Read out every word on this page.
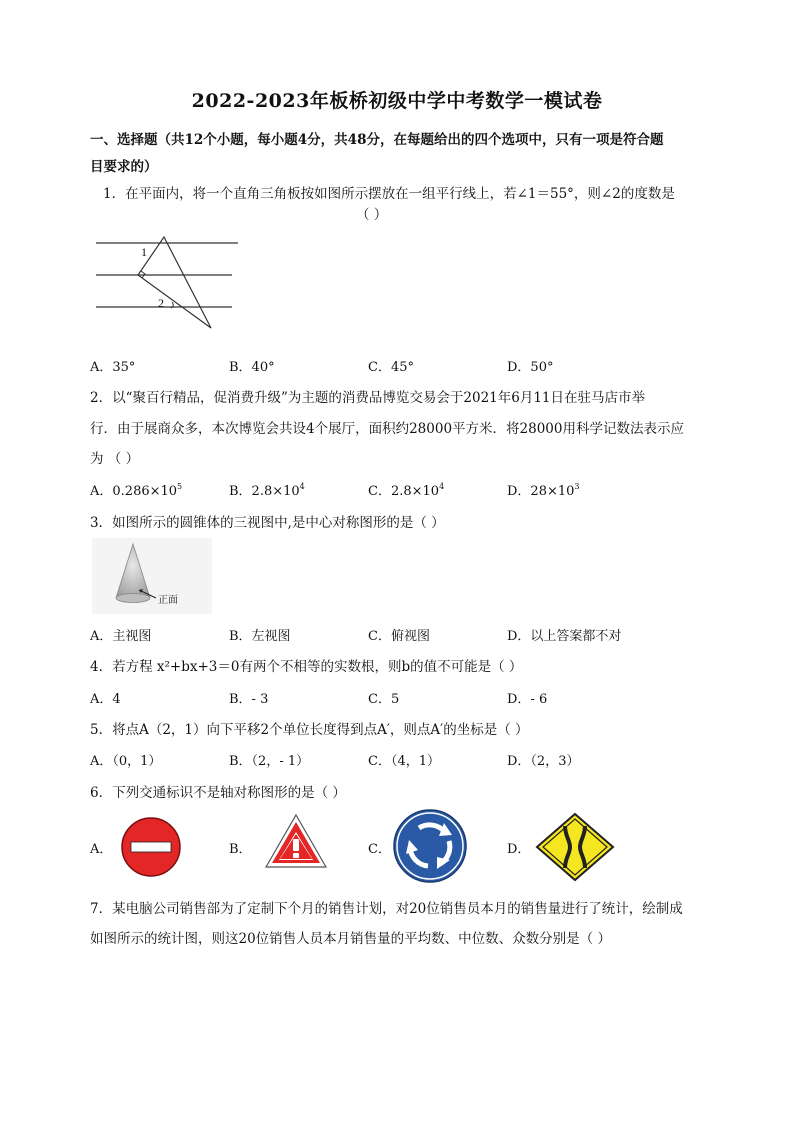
2022-2023年板桥初级中学中考数学一模试卷
一、选择题（共12个小题，每小题4分，共48分，在每题给出的四个选项中，只有一项是符合题
目要求的）
1．在平面内，将一个直角三角板按如图所示摆放在一组平行线上，若∠1＝55°，则∠2的度数是
（ ）
1
2
A．35°	B．40°	C．45°	D．50°
2．以“聚百行精品，促消费升级”为主题的消费品博览交易会于2021年6月11日在驻马店市举
行．由于展商众多，本次博览会共设4个展厅，面积约28000平方米．将28000用科学记数法表示应
为 （ ）
A．$0.286\times 10^5$	B．$2.8\times 10^4$	C．$2.8\times 10^4$	D．$28\times 10^3$
3．如图所示的圆锥体的三视图中,是中心对称图形的是（ ）
正面
A．主视图	B．左视图	C．俯视图	D．以上答案都不对
4．若方程 x²+bx+3＝0有两个不相等的实数根，则b的值不可能是（ ）
A．4	B．- 3	C．5	D．- 6
5．将点A（2，1）向下平移2个单位长度得到点A′，则点A′的坐标是（ ）
A．（0，1）	B．（2，- 1）	C．（4，1）	D．（2，3）
6．下列交通标识不是轴对称图形的是（ ）
A．	B．	C．	D．
7．某电脑公司销售部为了定制下个月的销售计划，对20位销售员本月的销售量进行了统计，绘制成
如图所示的统计图，则这20位销售人员本月销售量的平均数、中位数、众数分别是（ ）
